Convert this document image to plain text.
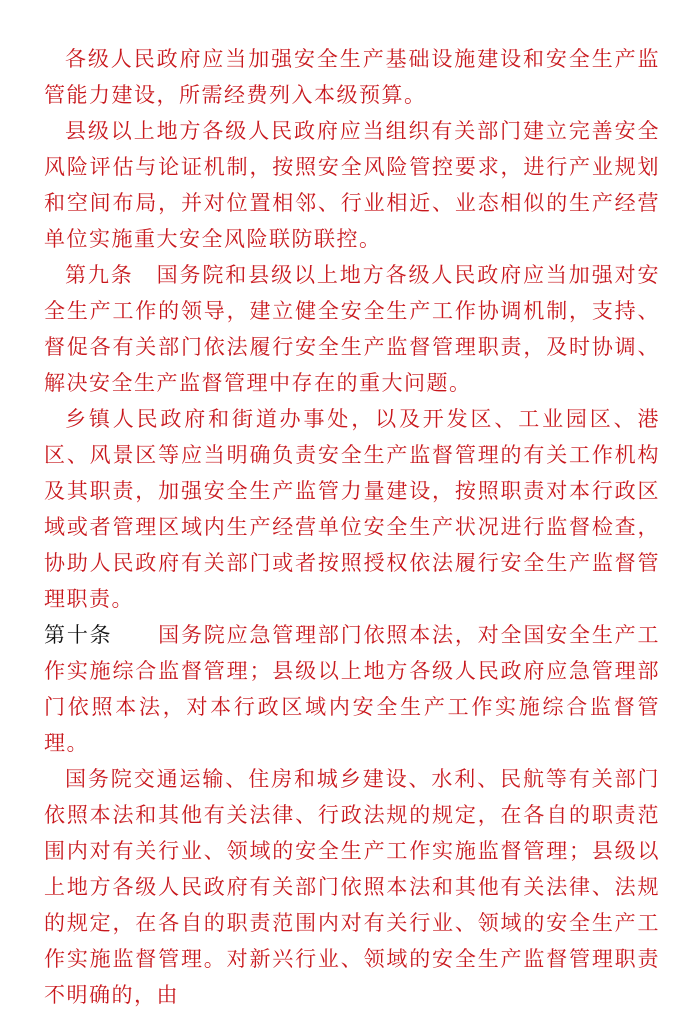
各级人民政府应当加强安全生产基础设施建设和安全生产监管能力建设，所需经费列入本级预算。

县级以上地方各级人民政府应当组织有关部门建立完善安全风险评估与论证机制，按照安全风险管控要求，进行产业规划和空间布局，并对位置相邻、行业相近、业态相似的生产经营单位实施重大安全风险联防联控。

第九条　国务院和县级以上地方各级人民政府应当加强对安全生产工作的领导，建立健全安全生产工作协调机制，支持、督促各有关部门依法履行安全生产监督管理职责，及时协调、解决安全生产监督管理中存在的重大问题。

乡镇人民政府和街道办事处，以及开发区、工业园区、港区、风景区等应当明确负责安全生产监督管理的有关工作机构及其职责，加强安全生产监管力量建设，按照职责对本行政区域或者管理区域内生产经营单位安全生产状况进行监督检查，协助人民政府有关部门或者按照授权依法履行安全生产监督管理职责。

第十条　　国务院应急管理部门依照本法，对全国安全生产工作实施综合监督管理；县级以上地方各级人民政府应急管理部门依照本法，对本行政区域内安全生产工作实施综合监督管理。

国务院交通运输、住房和城乡建设、水利、民航等有关部门依照本法和其他有关法律、行政法规的规定，在各自的职责范围内对有关行业、领域的安全生产工作实施监督管理；县级以上地方各级人民政府有关部门依照本法和其他有关法律、法规的规定，在各自的职责范围内对有关行业、领域的安全生产工作实施监督管理。对新兴行业、领域的安全生产监督管理职责不明确的，由
